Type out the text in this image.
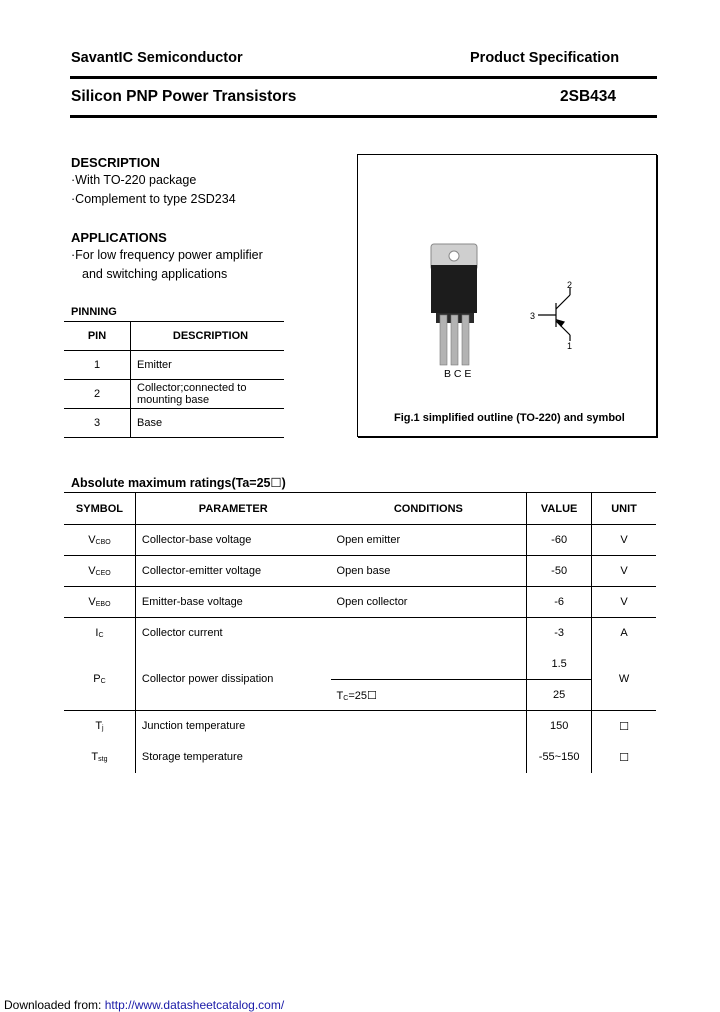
SavantIC Semiconductor	Product Specification
Silicon PNP Power Transistors	2SB434
DESCRIPTION
·With TO-220 package
·Complement to type 2SD234
APPLICATIONS
·For low frequency power amplifier
and switching applications
PINNING
PIN	DESCRIPTION
1	Emitter
2	Collector;connected to
mounting base

3	Base
B C E
3
2
1
Fig.1 simplified outline (TO-220) and symbol
Absolute maximum ratings(Ta=25☐)
SYMBOL	PARAMETER	CONDITIONS	VALUE	UNIT
VCBO	Collector-base voltage	Open emitter	-60	V
VCEO	Collector-emitter voltage	Open base	-50	V
VEBO	Emitter-base voltage	Open collector	-6	V
IC	Collector current		-3	A
PC	Collector power dissipation		1.5	W
		TC=25☐	25	
Tj	Junction temperature		150	☐
Tstg	Storage temperature		-55~150	☐
Downloaded from: http://www.datasheetcatalog.com/
